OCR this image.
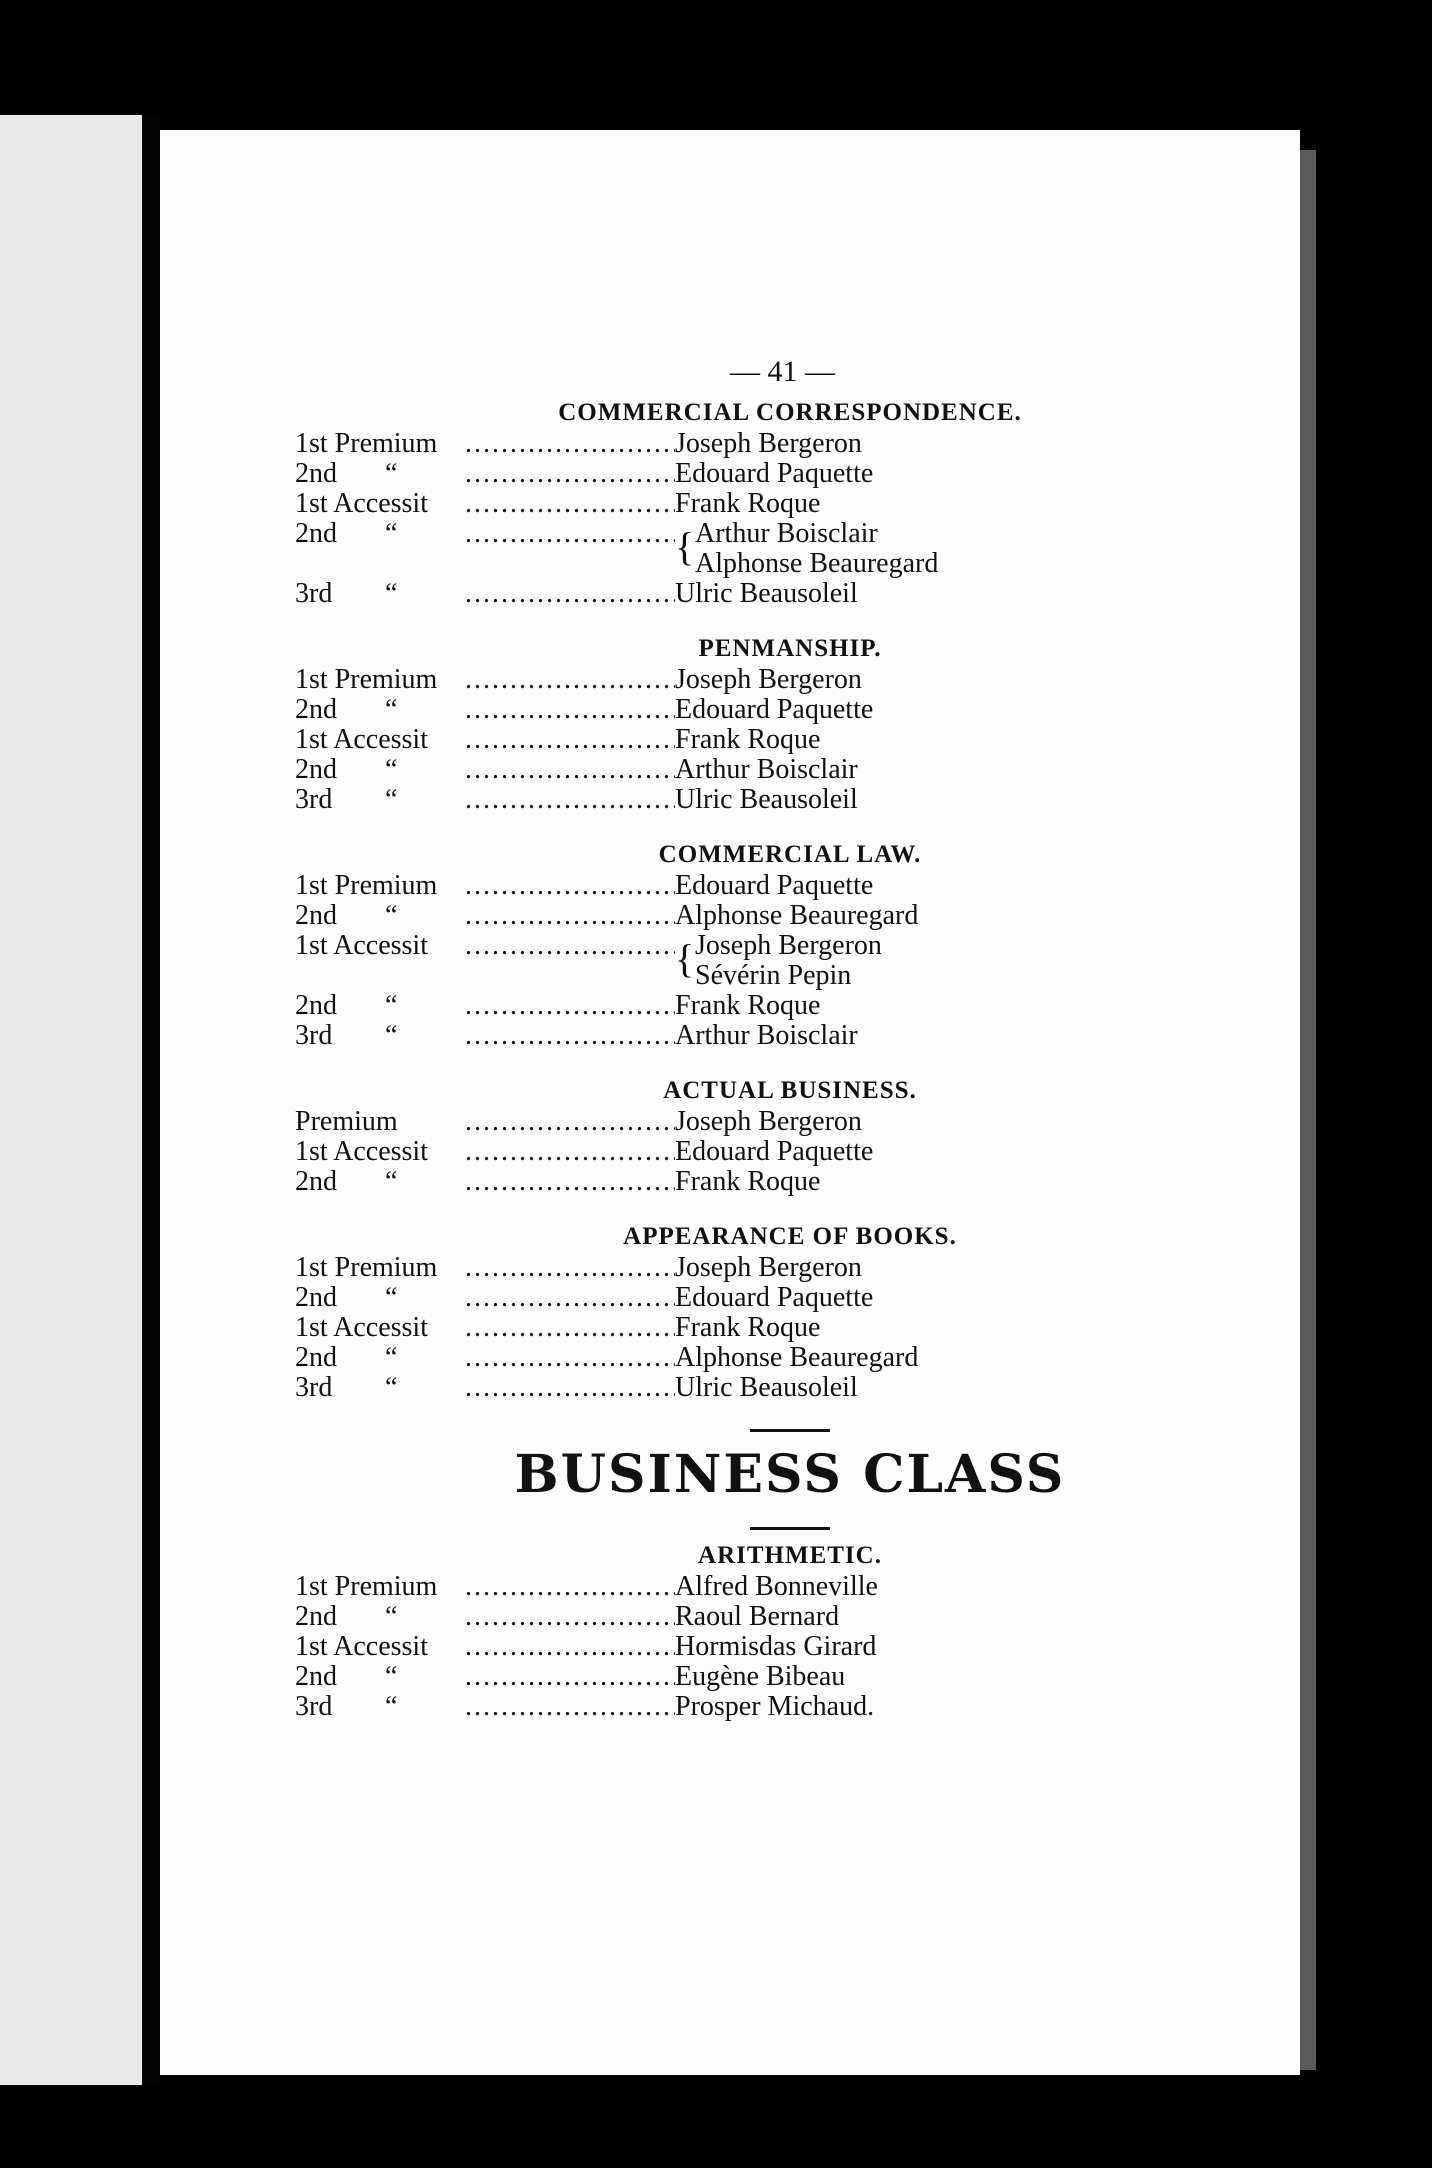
— 41 —
COMMERCIAL CORRESPONDENCE.
1st Premium .....	Joseph Bergeron
2nd	“ .....	Edouard Paquette
1st Accessit .....	Frank Roque
2nd	“ .....	{ Arthur Boisclair
Alphonse Beauregard
3rd	“ .....	Ulric Beausoleil
PENMANSHIP.
1st Premium .....	Joseph Bergeron
2nd	“ .....	Edouard Paquette
1st Accessit .....	Frank Roque
2nd	“ .....	Arthur Boisclair
3rd	“ .....	Ulric Beausoleil
COMMERCIAL LAW.
1st Premium .....	Edouard Paquette
2nd	“ .....	Alphonse Beauregard
1st Accessit .....	{ Joseph Bergeron
Sévérin Pepin
2nd	“ .....	Frank Roque
3rd	“ .....	Arthur Boisclair
ACTUAL BUSINESS.
Premium .....	Joseph Bergeron
1st Accessit .....	Edouard Paquette
2nd	“ .....	Frank Roque
APPEARANCE OF BOOKS.
1st Premium .....	Joseph Bergeron
2nd	“ .....	Edouard Paquette
1st Accessit .....	Frank Roque
2nd	“ .....	Alphonse Beauregard
3rd	“ .....	Ulric Beausoleil
BUSINESS CLASS
ARITHMETIC.
1st Premium .....	Alfred Bonneville
2nd	“ .....	Raoul Bernard
1st Accessit .....	Hormisdas Girard
2nd	“ .....	Eugène Bibeau
3rd	“ .....	Prosper Michaud.
